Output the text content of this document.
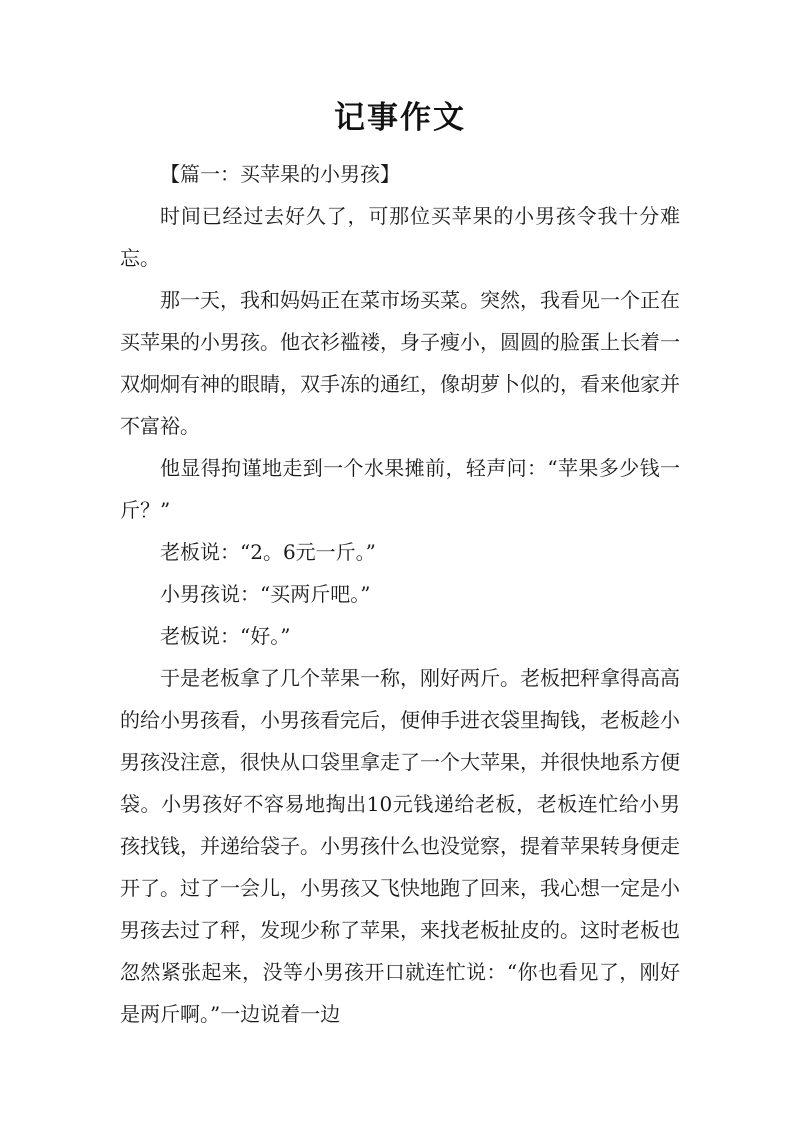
记事作文

【篇一：买苹果的小男孩】

时间已经过去好久了，可那位买苹果的小男孩令我十分难忘。

那一天，我和妈妈正在菜市场买菜。突然，我看见一个正在买苹果的小男孩。他衣衫褴褛，身子瘦小，圆圆的脸蛋上长着一双炯炯有神的眼睛，双手冻的通红，像胡萝卜似的，看来他家并不富裕。

他显得拘谨地走到一个水果摊前，轻声问：“苹果多少钱一斤？”

老板说：“2。6元一斤。”

小男孩说：“买两斤吧。”

老板说：“好。”

于是老板拿了几个苹果一称，刚好两斤。老板把秤拿得高高的给小男孩看，小男孩看完后，便伸手进衣袋里掏钱，老板趁小男孩没注意，很快从口袋里拿走了一个大苹果，并很快地系方便袋。小男孩好不容易地掏出10元钱递给老板，老板连忙给小男孩找钱，并递给袋子。小男孩什么也没觉察，提着苹果转身便走开了。过了一会儿，小男孩又飞快地跑了回来，我心想一定是小男孩去过了秤，发现少称了苹果，来找老板扯皮的。这时老板也忽然紧张起来，没等小男孩开口就连忙说：“你也看见了，刚好是两斤啊。”一边说着一边
